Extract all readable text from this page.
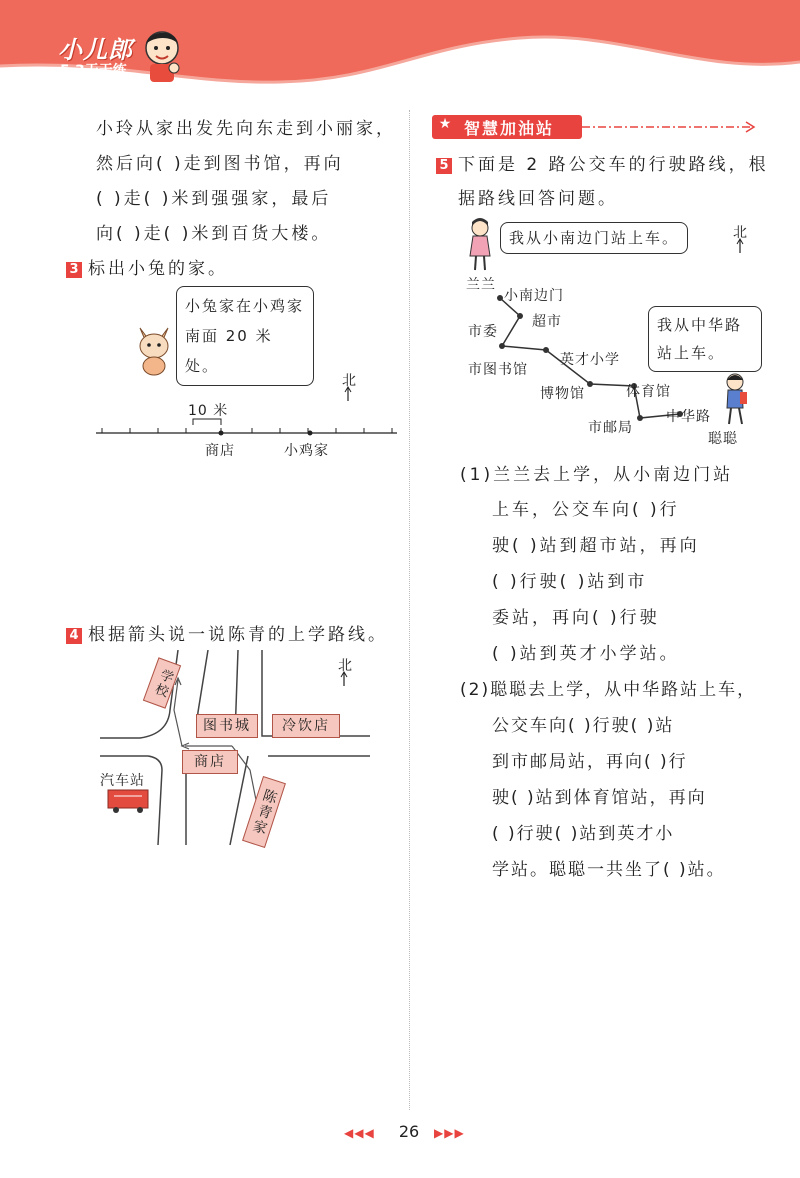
小儿郎
5·3天天练
小玲从家出发先向东走到小丽家，
然后向( )走到图书馆，再向
( )走( )米到强强家，最后
向( )走( )米到百货大楼。
3 标出小兔的家。
小兔家在小鸡家
南面 20 米处。
北
10 米
商店	小鸡家
4 根据箭头说一说陈青的上学路线。
北
学校
图书城	冷饮店
商店
汽车站
陈青家
★ 智慧加油站
5 下面是 2 路公交车的行驶路线，根
据路线回答问题。
我从小南边门站上车。
兰兰
北
我从中华路
站上车。
聪聪
小南边门
超市
市委
市图书馆
英才小学
博物馆	体育馆
市邮局
中华路
(1)兰兰去上学，从小南边门站
上车，公交车向( )行
驶( )站到超市站，再向
( )行驶( )站到市
委站，再向( )行驶
( )站到英才小学站。
(2)聪聪去上学，从中华路站上车，
公交车向( )行驶( )站
到市邮局站，再向( )行
驶( )站到体育馆站，再向
( )行驶( )站到英才小
学站。聪聪一共坐了( )站。
◀◀◀	26	▶▶▶
